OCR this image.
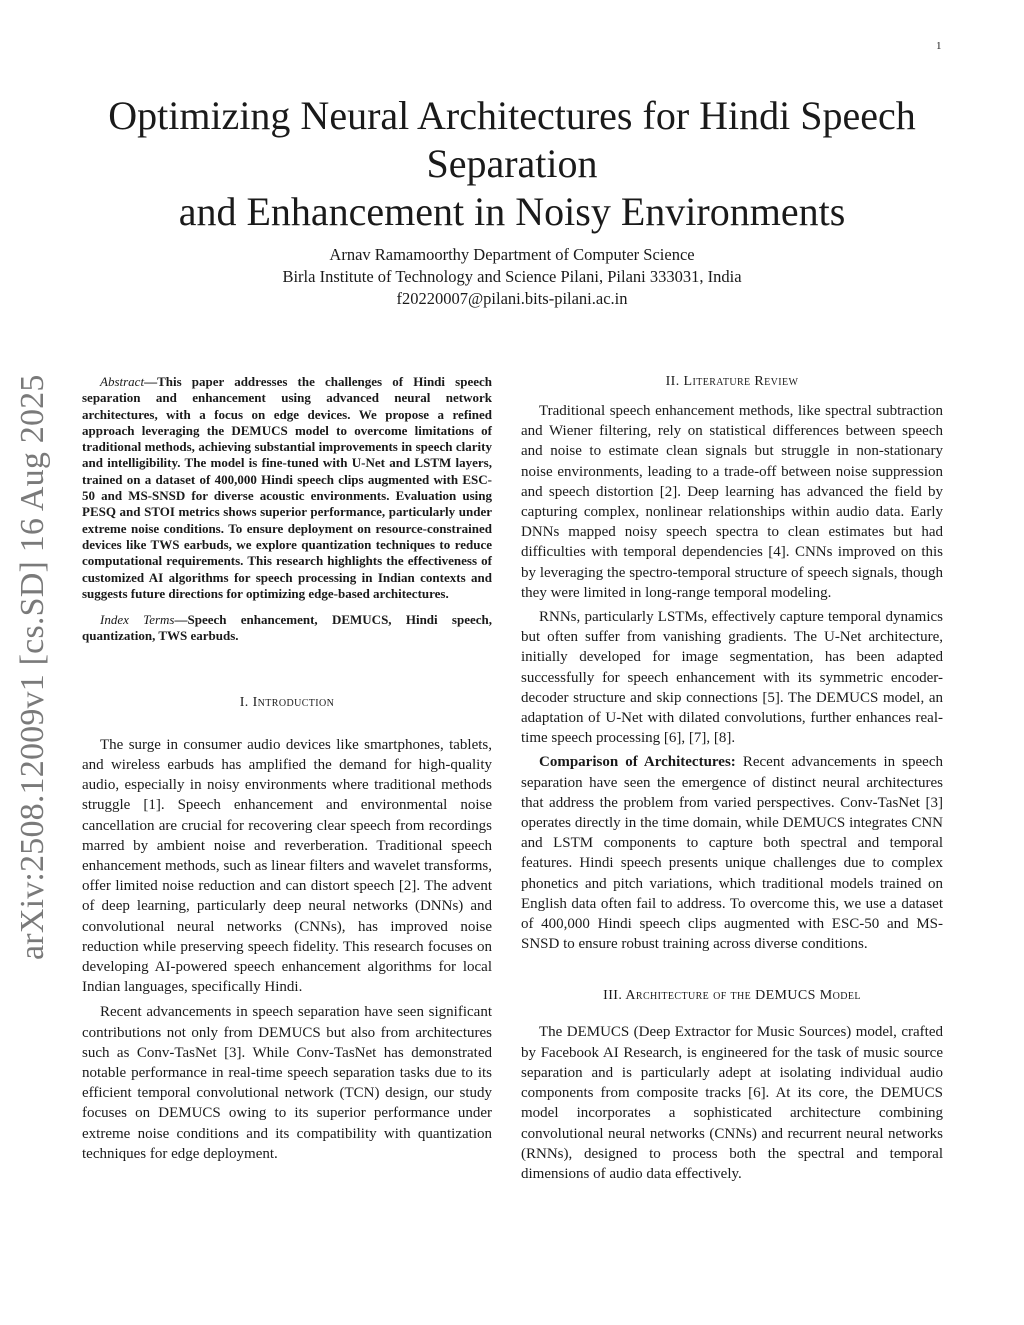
1
arXiv:2508.12009v1 [cs.SD] 16 Aug 2025
Optimizing Neural Architectures for Hindi Speech
Separation
and Enhancement in Noisy Environments
Arnav Ramamoorthy Department of Computer Science
Birla Institute of Technology and Science Pilani, Pilani 333031, India
f20220007@pilani.bits-pilani.ac.in

Abstract—This paper addresses the challenges of Hindi speech separation and enhancement using advanced neural network architectures, with a focus on edge devices. We propose a refined approach leveraging the DEMUCS model to overcome limitations of traditional methods, achieving substantial improvements in speech clarity and intelligibility. The model is fine-tuned with U-Net and LSTM layers, trained on a dataset of 400,000 Hindi speech clips augmented with ESC-50 and MS-SNSD for diverse acoustic environments. Evaluation using PESQ and STOI metrics shows superior performance, particularly under extreme noise conditions. To ensure deployment on resource-constrained devices like TWS earbuds, we explore quantization techniques to reduce computational requirements. This research highlights the effectiveness of customized AI algorithms for speech processing in Indian contexts and suggests future directions for optimizing edge-based architectures.

Index Terms—Speech enhancement, DEMUCS, Hindi speech, quantization, TWS earbuds.

I. Introduction

The surge in consumer audio devices like smartphones, tablets, and wireless earbuds has amplified the demand for high-quality audio, especially in noisy environments where traditional methods struggle [1]. Speech enhancement and environmental noise cancellation are crucial for recovering clear speech from recordings marred by ambient noise and reverberation. Traditional speech enhancement methods, such as linear filters and wavelet transforms, offer limited noise reduction and can distort speech [2]. The advent of deep learning, particularly deep neural networks (DNNs) and convolutional neural networks (CNNs), has improved noise reduction while preserving speech fidelity. This research focuses on developing AI-powered speech enhancement algorithms for local Indian languages, specifically Hindi.

Recent advancements in speech separation have seen significant contributions not only from DEMUCS but also from architectures such as Conv-TasNet [3]. While Conv-TasNet has demonstrated notable performance in real-time speech separation tasks due to its efficient temporal convolutional network (TCN) design, our study focuses on DEMUCS owing to its superior performance under extreme noise conditions and its compatibility with quantization techniques for edge deployment.

II. Literature Review

Traditional speech enhancement methods, like spectral subtraction and Wiener filtering, rely on statistical differences between speech and noise to estimate clean signals but struggle in non-stationary noise environments, leading to a trade-off between noise suppression and speech distortion [2]. Deep learning has advanced the field by capturing complex, nonlinear relationships within audio data. Early DNNs mapped noisy speech spectra to clean estimates but had difficulties with temporal dependencies [4]. CNNs improved on this by leveraging the spectro-temporal structure of speech signals, though they were limited in long-range temporal modeling.

RNNs, particularly LSTMs, effectively capture temporal dynamics but often suffer from vanishing gradients. The U-Net architecture, initially developed for image segmentation, has been adapted successfully for speech enhancement with its symmetric encoder-decoder structure and skip connections [5]. The DEMUCS model, an adaptation of U-Net with dilated convolutions, further enhances real-time speech processing [6], [7], [8].

Comparison of Architectures: Recent advancements in speech separation have seen the emergence of distinct neural architectures that address the problem from varied perspectives. Conv-TasNet [3] operates directly in the time domain, while DEMUCS integrates CNN and LSTM components to capture both spectral and temporal features. Hindi speech presents unique challenges due to complex phonetics and pitch variations, which traditional models trained on English data often fail to address. To overcome this, we use a dataset of 400,000 Hindi speech clips augmented with ESC-50 and MS-SNSD to ensure robust training across diverse conditions.

III. Architecture of the DEMUCS Model

The DEMUCS (Deep Extractor for Music Sources) model, crafted by Facebook AI Research, is engineered for the task of music source separation and is particularly adept at isolating individual audio components from composite tracks [6]. At its core, the DEMUCS model incorporates a sophisticated architecture combining convolutional neural networks (CNNs) and recurrent neural networks (RNNs), designed to process both the spectral and temporal dimensions of audio data effectively.
